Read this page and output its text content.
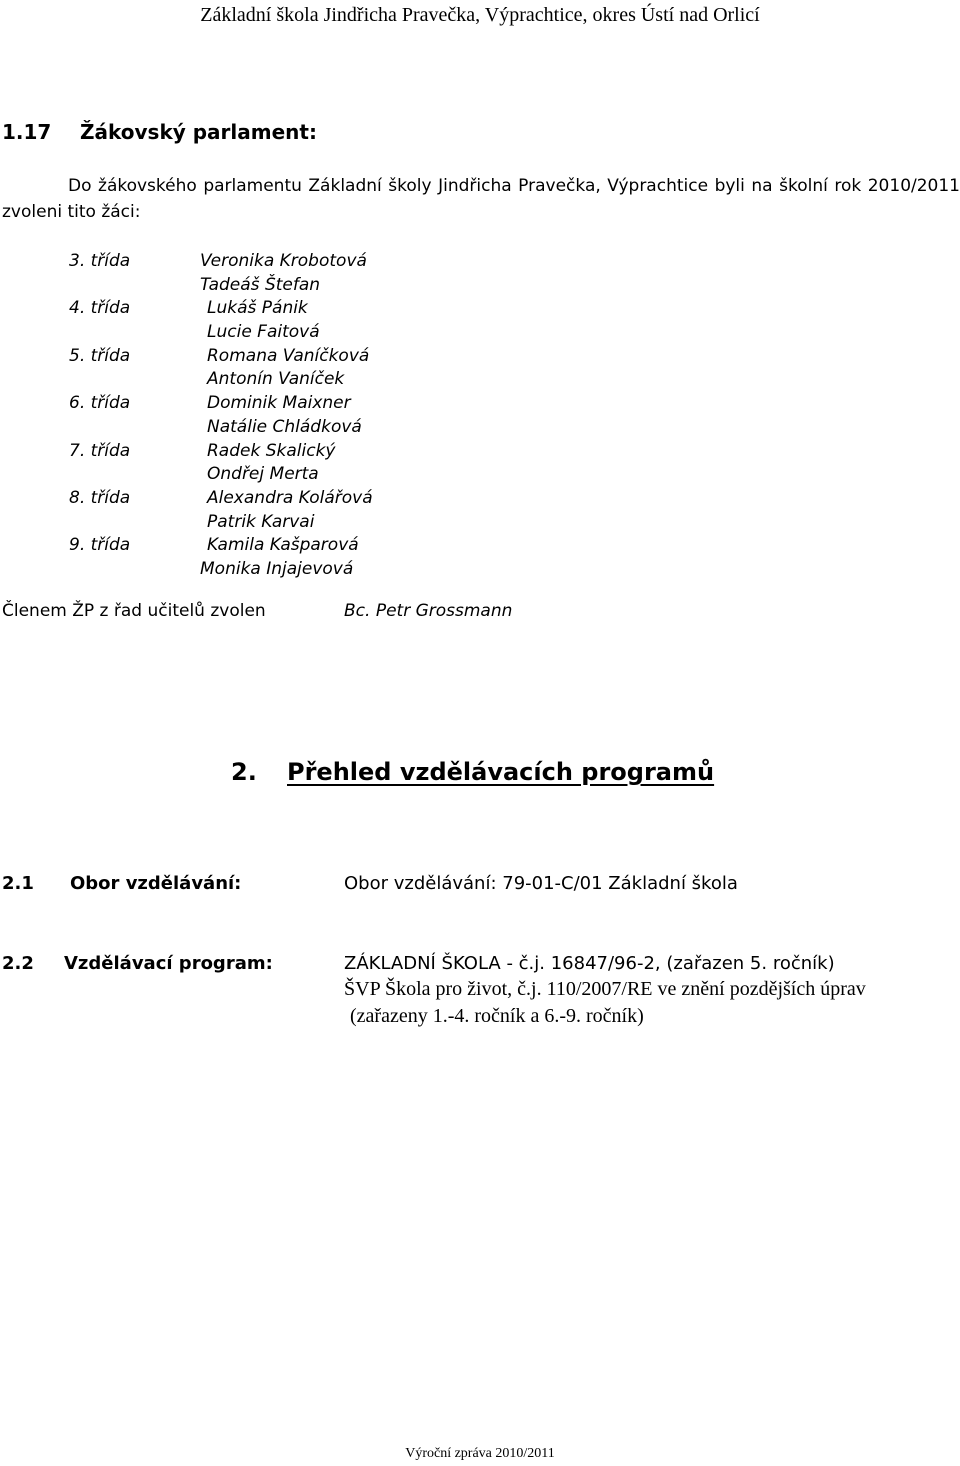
Základní škola Jindřicha Pravečka, Výprachtice, okres Ústí nad Orlicí
1.17 Žákovský parlament:
Do žákovského parlamentu Základní školy Jindřicha Pravečka, Výprachtice byli na školní rok 2010/2011 zvoleni tito žáci:
3. třída	Veronika Krobotová
Tadeáš Štefan
4. třída	Lukáš Pánik
Lucie Faitová
5. třída	Romana Vaníčková
Antonín Vaníček
6. třída	Dominik Maixner
Natálie Chládková
7. třída	Radek Skalický
Ondřej Merta
8. třída	Alexandra Kolářová
Patrik Karvai
9. třída	Kamila Kašparová
Monika Injajevová
Členem ŽP z řad učitelů zvolen	Bc. Petr Grossmann
2. Přehled vzdělávacích programů
2.1 Obor vzdělávání:	Obor vzdělávání: 79-01-C/01 Základní škola
2.2 Vzdělávací program:	ZÁKLADNÍ ŠKOLA - č.j. 16847/96-2, (zařazen 5. ročník)
ŠVP Škola pro život, č.j. 110/2007/RE ve znění pozdějších úprav
(zařazeny 1.-4. ročník a 6.-9. ročník)
Výroční zpráva 2010/2011
